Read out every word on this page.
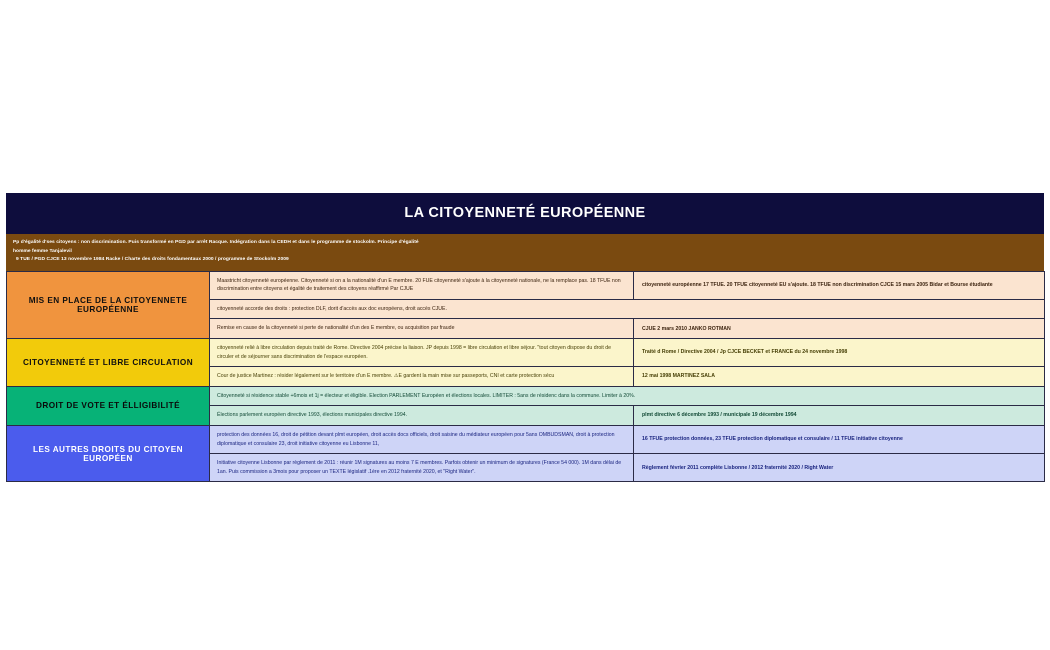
LA CITOYENNETÉ EUROPÉENNE
Pp d'égalité d'ses citoyens : non discrimination. Puis transformé en PGD par arrêt Racque. Indégration dans la CEDH et dans le programme de stockolm. Principe d'égalité
homme femme Tanjalevil
9 TUE / PGD CJCE 13 novembre 1984 Racke / Charte des droits fondamentaux 2000 / programme de Stockolm 2009
MIS EN PLACE DE LA CITOYENNETE EUROPÉENNE	Maastricht citoyenneté européenne. Citoyenneté si on a la nationalité d'un E membre. 20 FUE citoyenneté s'ajoute à la citoyenneté nationale, ne la remplace pas. 18 TFUE non discrimination entre citoyens et égalité de traitement des citoyens réaffirmé Par CJUE	citoyenneté européenne 17 TFUE. 20 TFUE citoyenneté EU s'ajoute. 18 TFUE non discrimination CJCE 15 mars 2005 Bidar et Bourse étudiante
	citoyenneté accorde des droits : protection DLF, dorit d'accès aux doc européens, droit accès CJUE.	
	Remise en cause de la citoyenneté si perte de nationalité d'un des E membre, ou acquisition par fraude	CJUE 2 mars 2010 JANKO ROTMAN
CITOYENNETÉ ET LIBRE CIRCULATION	citoyenneté relié à libre circulation depuis traité de Rome. Directive 2004 précise la liaison. JP depuis 1998 = libre circulation et libre séjour. "tout citoyen dispose du droit de circuler et de séjourner sans discrimination de l'espace européen.	Traité d Rome / Directive 2004 / Jp CJCE BECKET et FRANCE du 24 novembre 1998
	Cour de justice Martinez : résider légalement sur le territoire d'un E membre. ⚠E gardent la main mise sur passeports, CNI et carte protection sécu	12 mai 1998 MARTINEZ SALA
DROIT DE VOTE ET ÉLLIGIBILITÉ	Citoyenneté si résidence stable +6mois et 1j = électeur et éligible. Election PARLEMENT Européen et élections locales. LIMITER : 5ans de résidenc dans la commune. Limiter à 20%.	
	Élections parlement européen directive 1993, élections municipales directive 1994.	plmt directive 6 décembre 1993 / municipale 19 décembre 1994
LES AUTRES DROITS DU CITOYEN EUROPÉEN	protection des données 16, droit de pétition devant plmt européen, droit accès docs officiels, droit saisine du médiateur européen pour 5ans OMBUDSMAN, droit à protection diplomatique et consulaire 23, droit initiative citoyenne eu Lisbonne 11,	16 TFUE protection données, 23 TFUE protection diplomatique et consulaire / 11 TFUE initiative citoyenne
	Initiative citoyenne Lisbonne par règlement de 2011 : réunir 1M signatures au moins 7 E membres. Parfois obtenir un minimum de signatures (France 54 000). 1M dans délai de 1an. Puis commission a 3mois pour proposer un TEXTE législatif .1ère en 2012 fraternité 2020, et "Right Water".	Règlement février 2011 complète Lisbonne / 2012 fraternité 2020 / Right Water
